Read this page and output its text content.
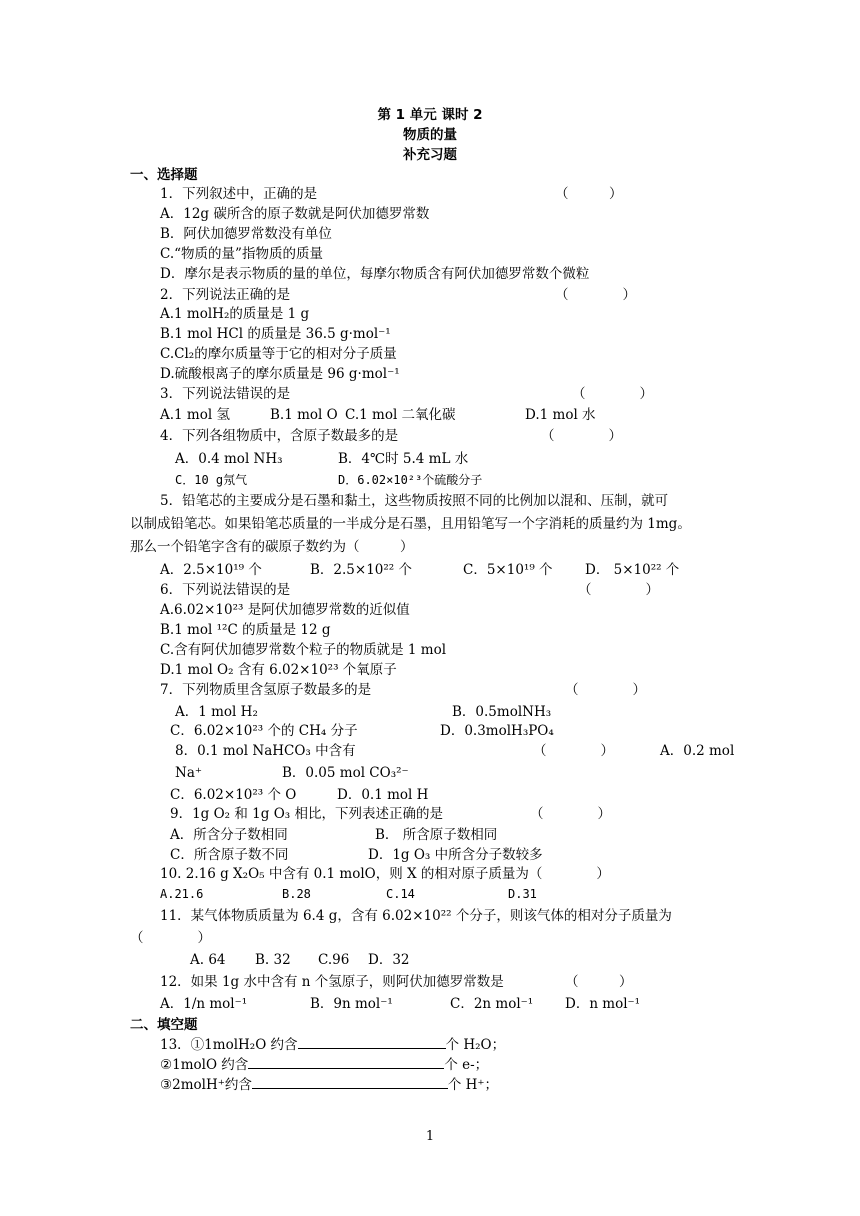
第 1 单元 课时 2
物质的量
补充习题
一、选择题
1．下列叙述中，正确的是	（　　　）
A．12g 碳所含的原子数就是阿伏加德罗常数
B．阿伏加德罗常数没有单位
C.“物质的量”指物质的质量
D．摩尔是表示物质的量的单位，每摩尔物质含有阿伏加德罗常数个微粒
2．下列说法正确的是	（　　　　）
A.1 molH₂的质量是 1 g
B.1 mol HCl 的质量是 36.5 g·mol⁻¹
C.Cl₂的摩尔质量等于它的相对分子质量
D.硫酸根离子的摩尔质量是 96 g·mol⁻¹
3．下列说法错误的是	（　　　　）
A.1 mol 氢	B.1 mol O C.1 mol 二氧化碳	D.1 mol 水
4．下列各组物质中，含原子数最多的是	（　　　　）
A．0.4 mol NH₃	B．4℃时 5.4 mL 水
C．10 g氖气	D．6.02×10²³个硫酸分子
5．铅笔芯的主要成分是石墨和黏土，这些物质按照不同的比例加以混和、压制，就可
以制成铅笔芯。如果铅笔芯质量的一半成分是石墨，且用铅笔写一个字消耗的质量约为 1mg。
那么一个铅笔字含有的碳原子数约为（　　　）
A．2.5×10¹⁹ 个	B．2.5×10²² 个	C．5×10¹⁹ 个 D． 5×10²² 个
6．下列说法错误的是	（　　　　）
A.6.02×10²³ 是阿伏加德罗常数的近似值
B.1 mol ¹²C 的质量是 12 g
C.含有阿伏加德罗常数个粒子的物质就是 1 mol
D.1 mol O₂ 含有 6.02×10²³ 个氧原子
7．下列物质里含氢原子数最多的是	（　　　　）
A．1 mol H₂	B．0.5molNH₃
C．6.02×10²³ 个的 CH₄ 分子	D．0.3molH₃PO₄
8．0.1 mol NaHCO₃ 中含有	（　　　　）	A．0.2 mol
Na⁺	B．0.05 mol CO₃²⁻
C．6.02×10²³ 个 O	D．0.1 mol H
9．1g O₂ 和 1g O₃ 相比，下列表述正确的是	（　　　　）
A．所含分子数相同	B． 所含原子数相同
C．所含原子数不同	D．1g O₃ 中所含分子数较多
10. 2.16 g X₂O₅ 中含有 0.1 molO，则 X 的相对原子质量为（　　　　）
A.21.6	B.28	C.14	D.31
11．某气体物质质量为 6.4 g，含有 6.02×10²² 个分子，则该气体的相对分子质量为
（　　　　）
A. 64 B. 32 C.96 D．32
12．如果 1g 水中含有 n 个氢原子，则阿伏加德罗常数是	（　　　）
A．1/n mol⁻¹	B．9n mol⁻¹	C．2n mol⁻¹ D．n mol⁻¹
二、填空题
13．①1molH₂O 约含	个 H₂O；
②1molO 约含	个 e-；
③2molH⁺约含	个 H⁺；
1
